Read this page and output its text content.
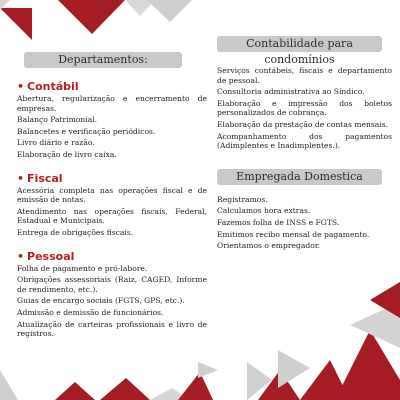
Departamentos:

• Contábil

Abertura, regularização e encerramento de empresas.
Balanço Patrimonial.
Balancetes e verificação periódicos.
Livro diário e razão.
Elaboração de livro caixa.

• Fiscal

Acessória completa nas operações fiscal e de emissão de notas.
Atendimento nas operações fiscais, Federal, Estadual e Municipais.
Entrega de obrigações fiscais.

• Pessoal

Folha de pagamento e pró-labore.
Obrigações assessoriais (Raiz, CAGED, Informe de rendimento, etc.).
Guias de encargo sociais (FGTS, GPS, etc.).
Admissão e demissão de funcionários.
Atualização de carteiras profissionais e livro de registros.
Contabilidade para condomínios
Serviços contábeis, fiscais e departamento de pessoal.
Consultoria administrativa ao Síndico.
Elaboração e impressão dos boletos personalizados de cobrança.
Elaboração da prestação de contas mensais.
Acompanhamento dos pagamentos (Adimplentes e Inadimplentes.).
Empregada Domestica
Registramos.
Calculamos hora extras.
Fazemos folha de INSS e FGTS.
Emitimos recibo mensal de pagamento.
Orientamos o empregador.
